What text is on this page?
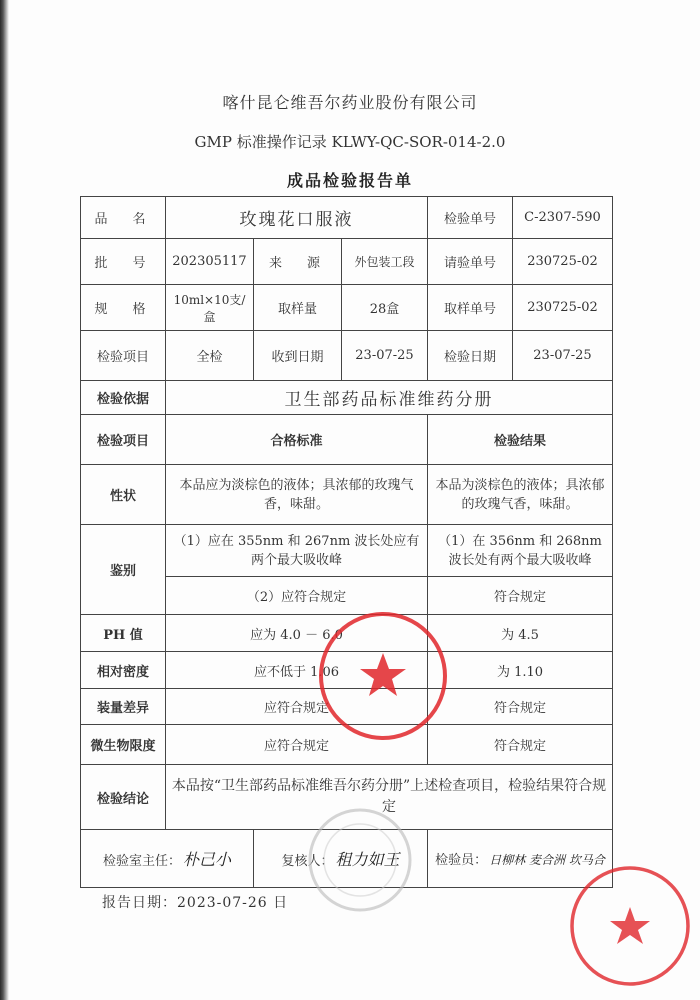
喀什昆仑维吾尔药业股份有限公司
GMP 标准操作记录 KLWY-QC-SOR-014-2.0
成品检验报告单
品　名	玫瑰花口服液			检验单号	C-2307-590
批　号	202305117	来　源	外包装工段	请验单号	230725-02
规　格	10ml×10支/盒	取样量	28盒	取样单号	230725-02
检验项目	全检	收到日期	23-07-25	检验日期	23-07-25
检验依据	卫生部药品标准维药分册				
检验项目	合格标准			检验结果	
性状	本品应为淡棕色的液体；具浓郁的玫瑰气香，味甜。			本品为淡棕色的液体；具浓郁的玫瑰气香，味甜。	
鉴别	（1）应在 355nm 和 267nm 波长处应有两个最大吸收峰			（1）在 356nm 和 268nm 波长处有两个最大吸收峰	
	（2）应符合规定			符合规定	
PH 值	应为 4.0 － 6.0			为 4.5	
相对密度	应不低于 1.06			为 1.10	
装量差异	应符合规定			符合规定	
微生物限度	应符合规定			符合规定	
检验结论	本品按“卫生部药品标准维吾尔药分册”上述检查项目，检验结果符合规定				
检验室主任： 朴己小		复核人： 租力如王		检验员： 日柳林 麦合洲 坎马合	
报告日期：2023-07-26 日
